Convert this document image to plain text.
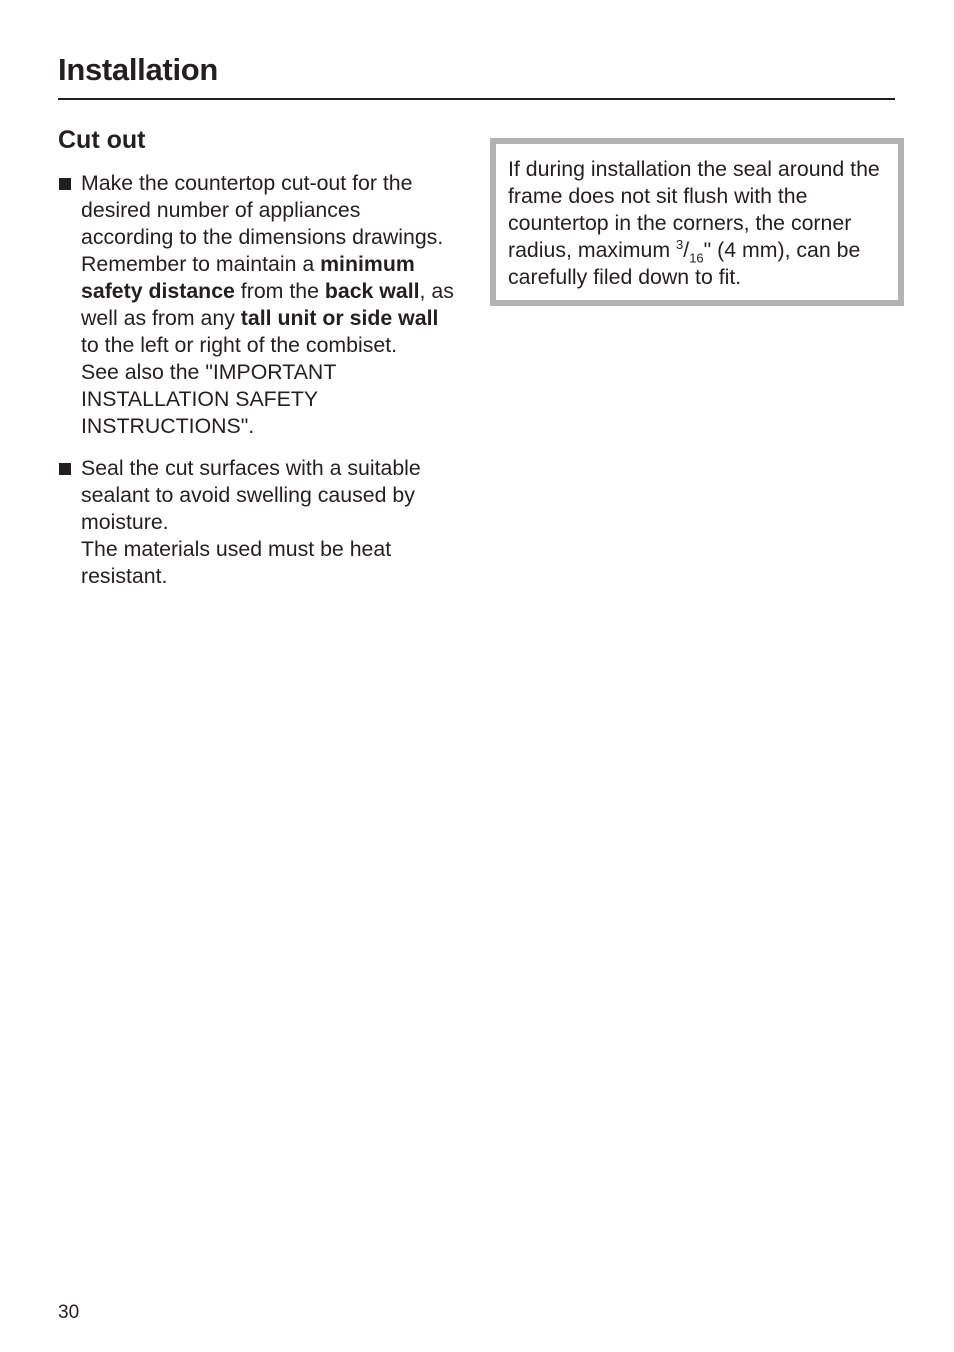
Installation
Cut out

Make the countertop cut-out for the desired number of appliances according to the dimensions drawings.

Remember to maintain a minimum safety distance from the back wall, as well as from any tall unit or side wall to the left or right of the combiset.

See also the "IMPORTANT INSTALLATION SAFETY INSTRUCTIONS".

Seal the cut surfaces with a suitable sealant to avoid swelling caused by moisture.

The materials used must be heat resistant.

If during installation the seal around the frame does not sit flush with the countertop in the corners, the corner radius, maximum $^3/_{16}$" (4 mm), can be carefully filed down to fit.

30
